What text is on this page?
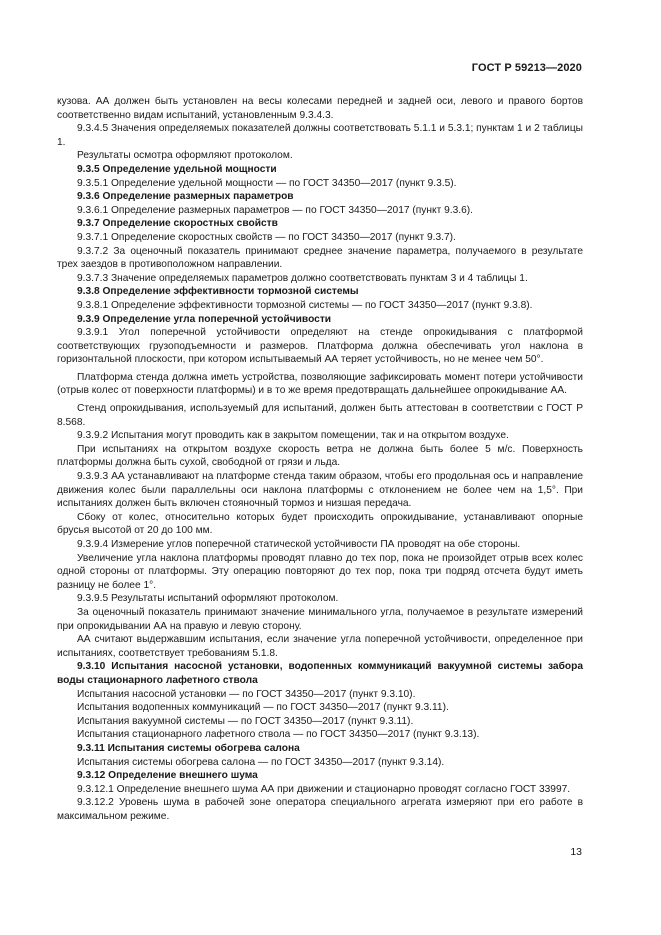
ГОСТ Р 59213—2020

кузова. АА должен быть установлен на весы колесами передней и задней оси, левого и правого бортов соответственно видам испытаний, установленным 9.3.4.3.

9.3.4.5 Значения определяемых показателей должны соответствовать 5.1.1 и 5.3.1; пунктам 1 и 2 таблицы 1.

Результаты осмотра оформляют протоколом.

9.3.5 Определение удельной мощности

9.3.5.1 Определение удельной мощности — по ГОСТ 34350—2017 (пункт 9.3.5).

9.3.6 Определение размерных параметров

9.3.6.1 Определение размерных параметров — по ГОСТ 34350—2017 (пункт 9.3.6).

9.3.7 Определение скоростных свойств

9.3.7.1 Определение скоростных свойств — по ГОСТ 34350—2017 (пункт 9.3.7).

9.3.7.2 За оценочный показатель принимают среднее значение параметра, получаемого в результате трех заездов в противоположном направлении.

9.3.7.3 Значение определяемых параметров должно соответствовать пунктам 3 и 4 таблицы 1.

9.3.8 Определение эффективности тормозной системы

9.3.8.1 Определение эффективности тормозной системы — по ГОСТ 34350—2017 (пункт 9.3.8).

9.3.9 Определение угла поперечной устойчивости

9.3.9.1 Угол поперечной устойчивости определяют на стенде опрокидывания с платформой соответствующих грузоподъемности и размеров. Платформа должна обеспечивать угол наклона в горизонтальной плоскости, при котором испытываемый АА теряет устойчивость, но не менее чем 50°.

Платформа стенда должна иметь устройства, позволяющие зафиксировать момент потери устойчивости (отрыв колес от поверхности платформы) и в то же время предотвращать дальнейшее опрокидывание АА.

Стенд опрокидывания, используемый для испытаний, должен быть аттестован в соответствии с ГОСТ Р 8.568.

9.3.9.2 Испытания могут проводить как в закрытом помещении, так и на открытом воздухе.

При испытаниях на открытом воздухе скорость ветра не должна быть более 5 м/с. Поверхность платформы должна быть сухой, свободной от грязи и льда.

9.3.9.3 АА устанавливают на платформе стенда таким образом, чтобы его продольная ось и направление движения колес были параллельны оси наклона платформы с отклонением не более чем на 1,5°. При испытаниях должен быть включен стояночный тормоз и низшая передача.

Сбоку от колес, относительно которых будет происходить опрокидывание, устанавливают опорные брусья высотой от 20 до 100 мм.

9.3.9.4 Измерение углов поперечной статической устойчивости ПА проводят на обе стороны.

Увеличение угла наклона платформы проводят плавно до тех пор, пока не произойдет отрыв всех колес одной стороны от платформы. Эту операцию повторяют до тех пор, пока три подряд отсчета будут иметь разницу не более 1°.

9.3.9.5 Результаты испытаний оформляют протоколом.

За оценочный показатель принимают значение минимального угла, получаемое в результате измерений при опрокидывании АА на правую и левую сторону.

АА считают выдержавшим испытания, если значение угла поперечной устойчивости, определенное при испытаниях, соответствует требованиям 5.1.8.

9.3.10 Испытания насосной установки, водопенных коммуникаций вакуумной системы забора воды стационарного лафетного ствола

Испытания насосной установки — по ГОСТ 34350—2017 (пункт 9.3.10).

Испытания водопенных коммуникаций — по ГОСТ 34350—2017 (пункт 9.3.11).

Испытания вакуумной системы — по ГОСТ 34350—2017 (пункт 9.3.11).

Испытания стационарного лафетного ствола — по ГОСТ 34350—2017 (пункт 9.3.13).

9.3.11 Испытания системы обогрева салона

Испытания системы обогрева салона — по ГОСТ 34350—2017 (пункт 9.3.14).

9.3.12 Определение внешнего шума

9.3.12.1 Определение внешнего шума АА при движении и стационарно проводят согласно ГОСТ 33997.

9.3.12.2 Уровень шума в рабочей зоне оператора специального агрегата измеряют при его работе в максимальном режиме.

13
